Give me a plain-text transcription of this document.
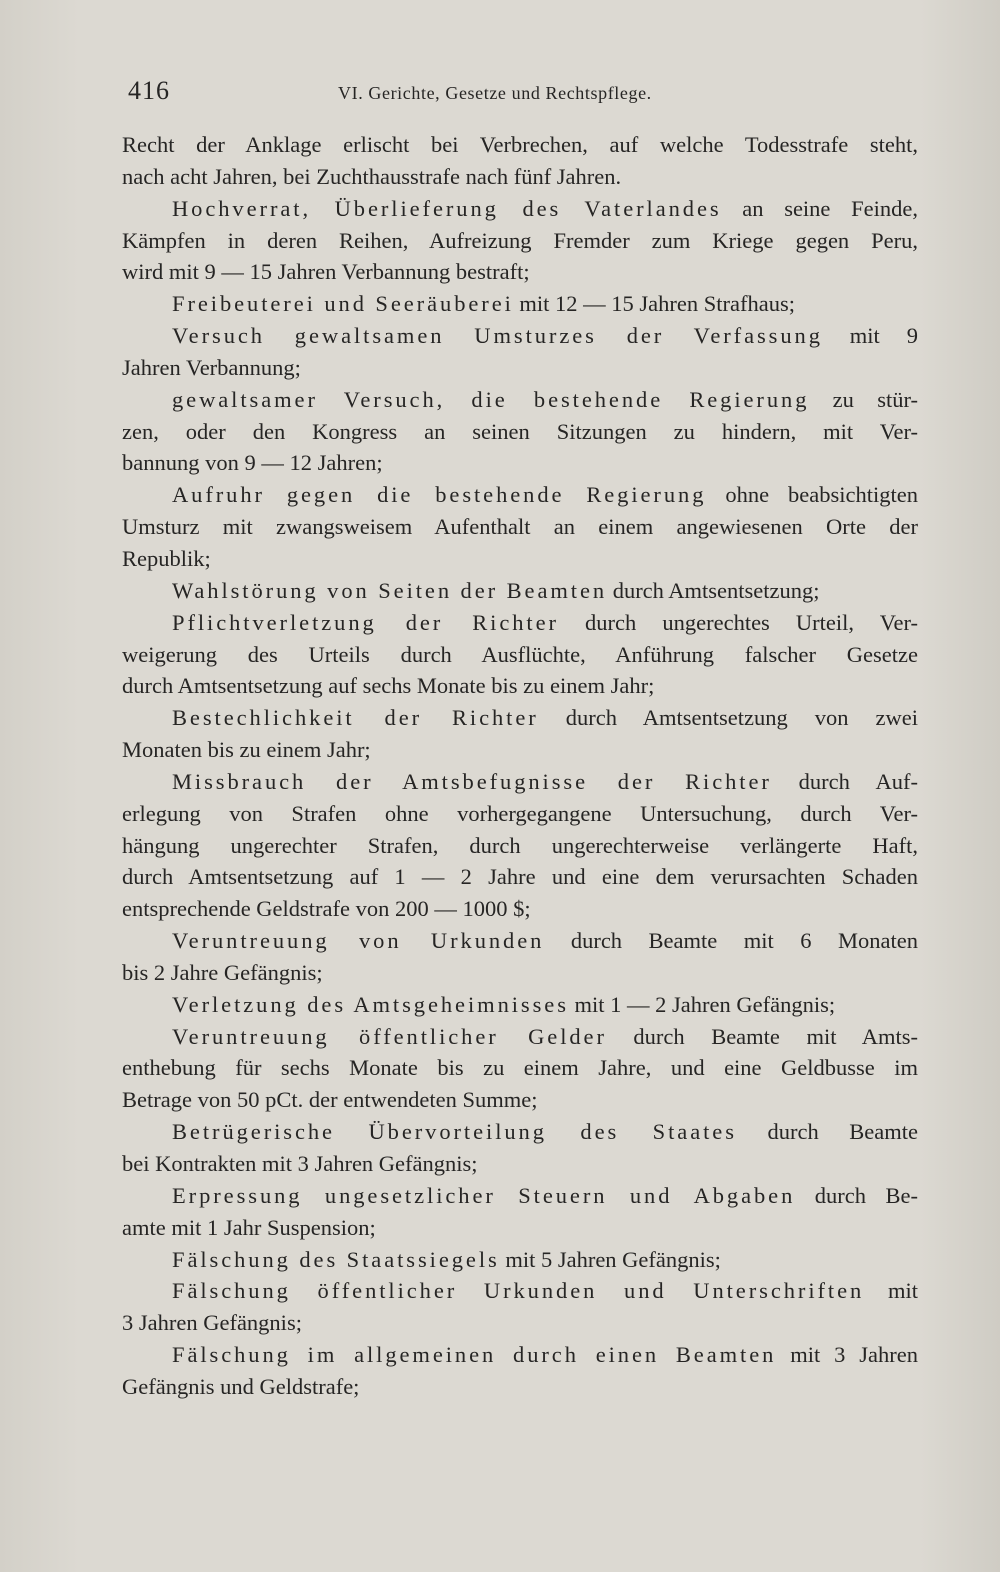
416	VI. Gerichte, Gesetze und Rechtspflege.
Recht der Anklage erlischt bei Verbrechen, auf welche Todesstrafe steht,
nach acht Jahren, bei Zuchthausstrafe nach fünf Jahren.
Hochverrat, Überlieferung des Vaterlandes an seine Feinde,
Kämpfen in deren Reihen, Aufreizung Fremder zum Kriege gegen Peru,
wird mit 9 — 15 Jahren Verbannung bestraft;
Freibeuterei und Seeräuberei mit 12 — 15 Jahren Strafhaus;
Versuch gewaltsamen Umsturzes der Verfassung mit 9
Jahren Verbannung;
gewaltsamer Versuch, die bestehende Regierung zu stür-
zen, oder den Kongress an seinen Sitzungen zu hindern, mit Ver-
bannung von 9 — 12 Jahren;
Aufruhr gegen die bestehende Regierung ohne beabsichtigten
Umsturz mit zwangsweisem Aufenthalt an einem angewiesenen Orte der
Republik;
Wahlstörung von Seiten der Beamten durch Amtsentsetzung;
Pflichtverletzung der Richter durch ungerechtes Urteil, Ver-
weigerung des Urteils durch Ausflüchte, Anführung falscher Gesetze
durch Amtsentsetzung auf sechs Monate bis zu einem Jahr;
Bestechlichkeit der Richter durch Amtsentsetzung von zwei
Monaten bis zu einem Jahr;
Missbrauch der Amtsbefugnisse der Richter durch Auf-
erlegung von Strafen ohne vorhergegangene Untersuchung, durch Ver-
hängung ungerechter Strafen, durch ungerechterweise verlängerte Haft,
durch Amtsentsetzung auf 1 — 2 Jahre und eine dem verursachten Schaden
entsprechende Geldstrafe von 200 — 1000 $;
Veruntreuung von Urkunden durch Beamte mit 6 Monaten
bis 2 Jahre Gefängnis;
Verletzung des Amtsgeheimnisses mit 1 — 2 Jahren Gefängnis;
Veruntreuung öffentlicher Gelder durch Beamte mit Amts-
enthebung für sechs Monate bis zu einem Jahre, und eine Geldbusse im
Betrage von 50 pCt. der entwendeten Summe;
Betrügerische Übervorteilung des Staates durch Beamte
bei Kontrakten mit 3 Jahren Gefängnis;
Erpressung ungesetzlicher Steuern und Abgaben durch Be-
amte mit 1 Jahr Suspension;
Fälschung des Staatssiegels mit 5 Jahren Gefängnis;
Fälschung öffentlicher Urkunden und Unterschriften mit
3 Jahren Gefängnis;
Fälschung im allgemeinen durch einen Beamten mit 3 Jahren
Gefängnis und Geldstrafe;
